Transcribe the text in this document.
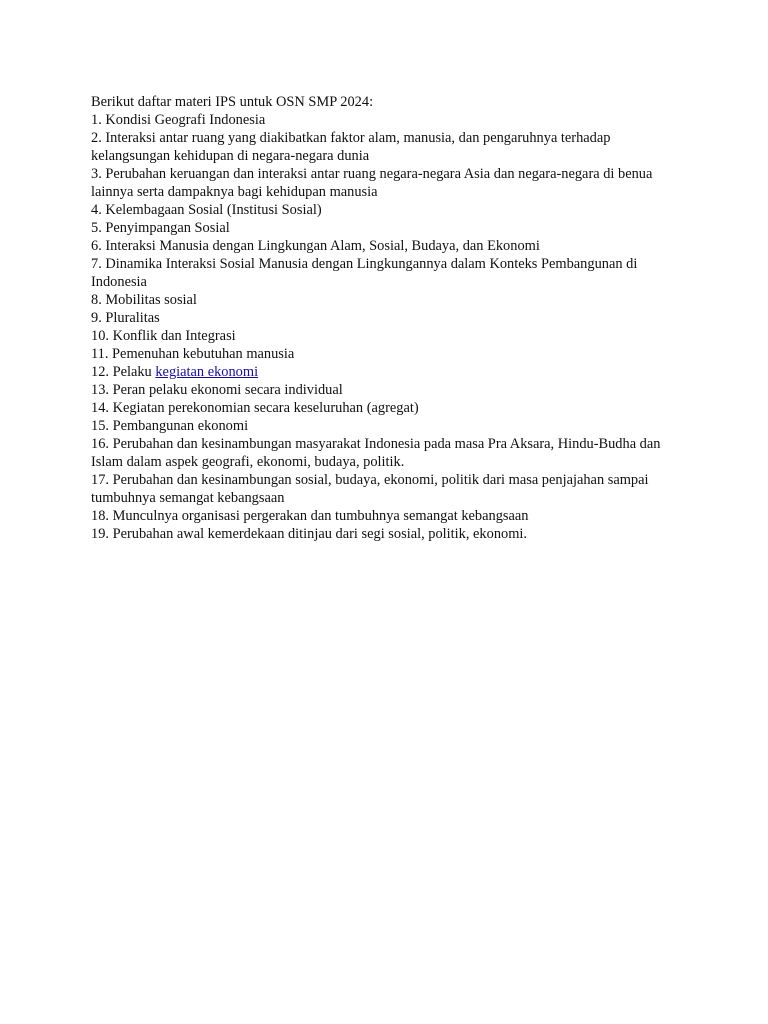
Berikut daftar materi IPS untuk OSN SMP 2024:

1. Kondisi Geografi Indonesia

2. Interaksi antar ruang yang diakibatkan faktor alam, manusia, dan pengaruhnya terhadap kelangsungan kehidupan di negara-negara dunia

3. Perubahan keruangan dan interaksi antar ruang negara-negara Asia dan negara-negara di benua lainnya serta dampaknya bagi kehidupan manusia

4. Kelembagaan Sosial (Institusi Sosial)

5. Penyimpangan Sosial

6. Interaksi Manusia dengan Lingkungan Alam, Sosial, Budaya, dan Ekonomi

7. Dinamika Interaksi Sosial Manusia dengan Lingkungannya dalam Konteks Pembangunan di Indonesia

8. Mobilitas sosial

9. Pluralitas

10. Konflik dan Integrasi

11. Pemenuhan kebutuhan manusia

12. Pelaku kegiatan ekonomi

13. Peran pelaku ekonomi secara individual

14. Kegiatan perekonomian secara keseluruhan (agregat)

15. Pembangunan ekonomi

16. Perubahan dan kesinambungan masyarakat Indonesia pada masa Pra Aksara, Hindu-Budha dan Islam dalam aspek geografi, ekonomi, budaya, politik.

17. Perubahan dan kesinambungan sosial, budaya, ekonomi, politik dari masa penjajahan sampai tumbuhnya semangat kebangsaan

18. Munculnya organisasi pergerakan dan tumbuhnya semangat kebangsaan

19. Perubahan awal kemerdekaan ditinjau dari segi sosial, politik, ekonomi.
